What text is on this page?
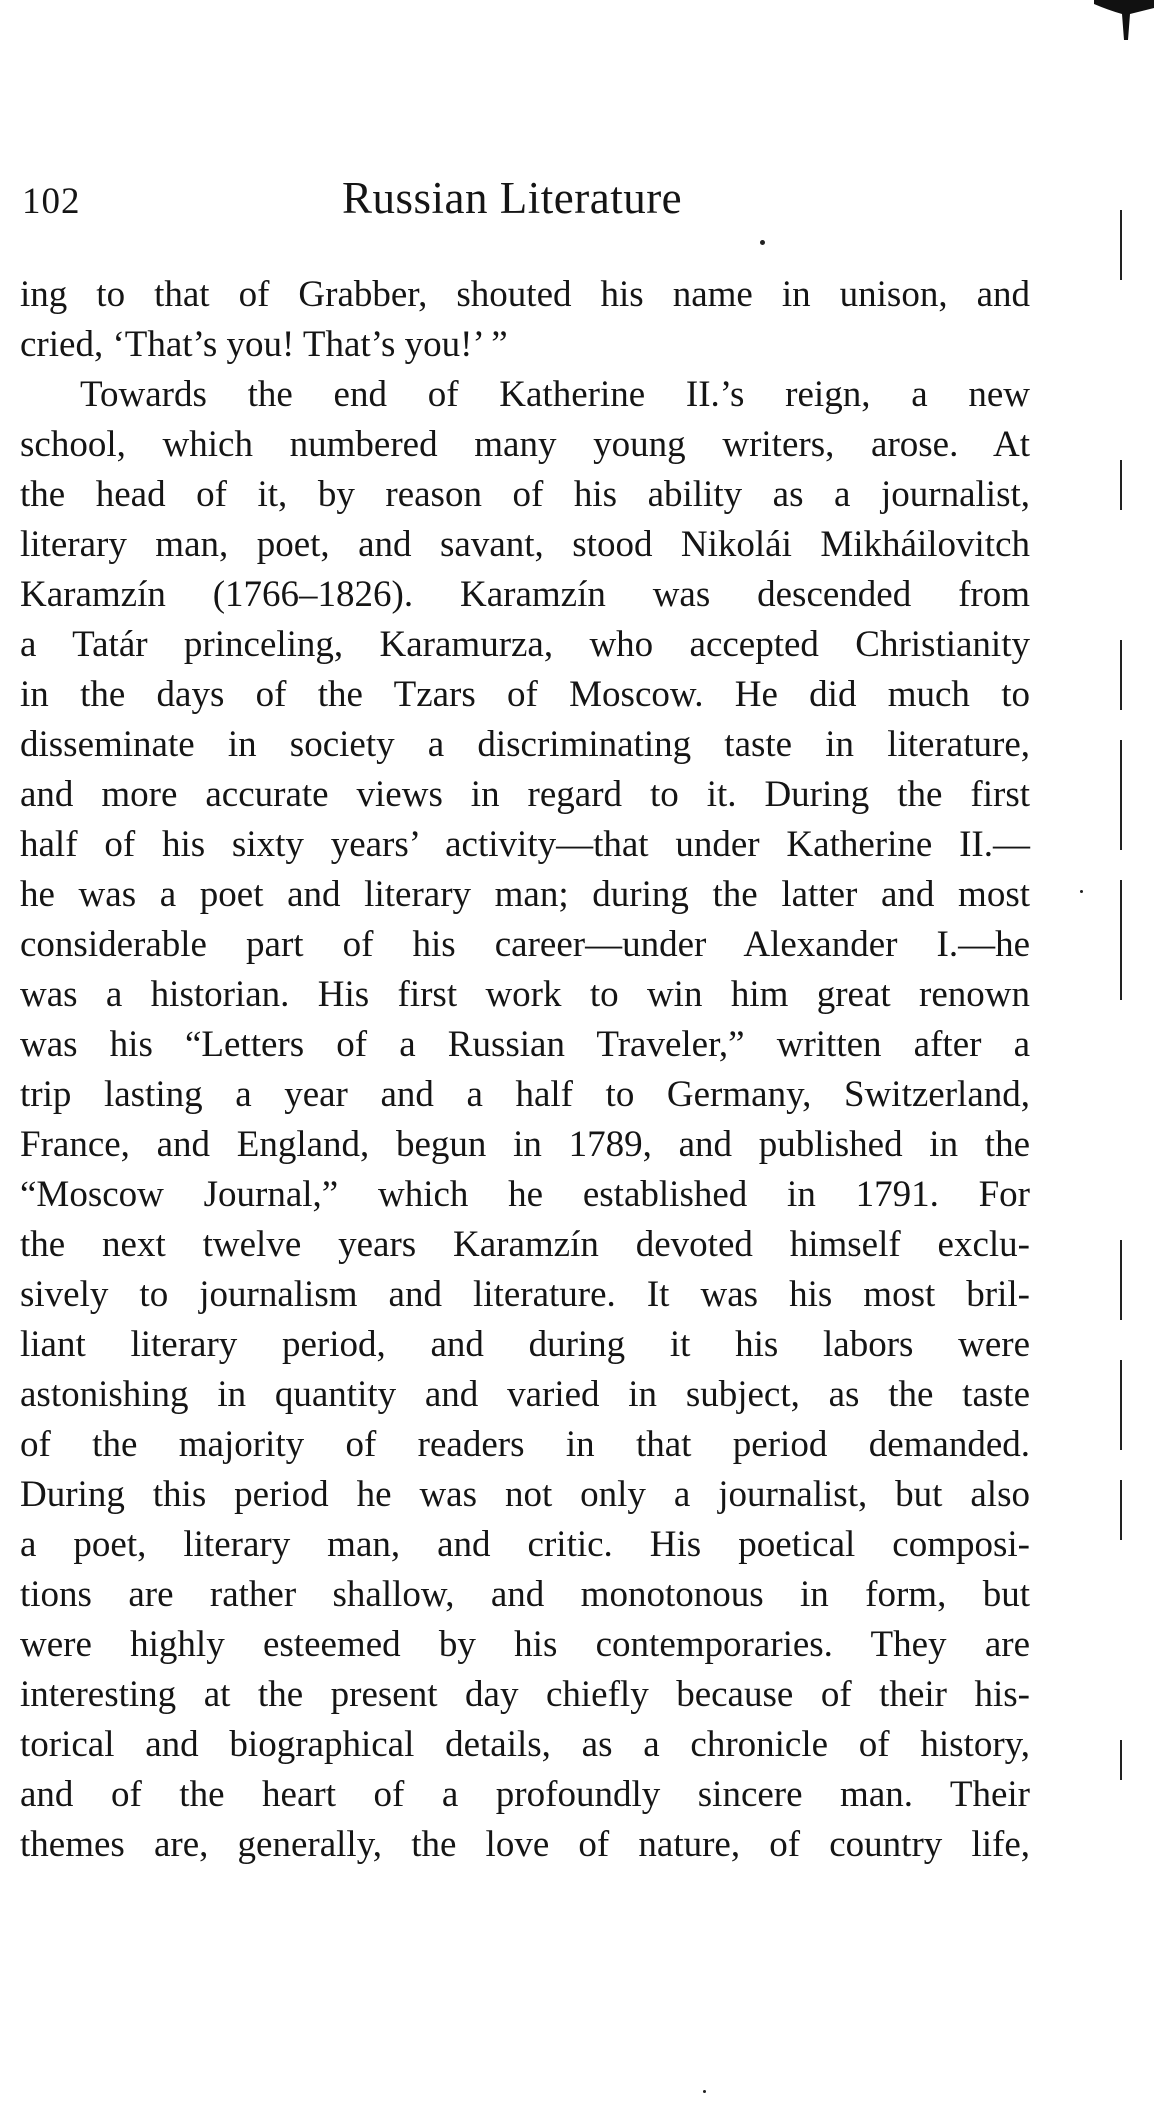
102	Russian Literature
ing to that of Grabber, shouted his name in unison, and
cried, ‘That’s you! That’s you!’ ”
Towards the end of Katherine II.’s reign, a new
school, which numbered many young writers, arose. At
the head of it, by reason of his ability as a journalist,
literary man, poet, and savant, stood Nikolái Mikháilovitch
Karamzín (1766–1826). Karamzín was descended from
a Tatár princeling, Karamurza, who accepted Christianity
in the days of the Tzars of Moscow. He did much to
disseminate in society a discriminating taste in literature,
and more accurate views in regard to it. During the first
half of his sixty years’ activity—that under Katherine II.—
he was a poet and literary man; during the latter and most
considerable part of his career—under Alexander I.—he
was a historian. His first work to win him great renown
was his “Letters of a Russian Traveler,” written after a
trip lasting a year and a half to Germany, Switzerland,
France, and England, begun in 1789, and published in the
“Moscow Journal,” which he established in 1791. For
the next twelve years Karamzín devoted himself exclu-
sively to journalism and literature. It was his most bril-
liant literary period, and during it his labors were
astonishing in quantity and varied in subject, as the taste
of the majority of readers in that period demanded.
During this period he was not only a journalist, but also
a poet, literary man, and critic. His poetical composi-
tions are rather shallow, and monotonous in form, but
were highly esteemed by his contemporaries. They are
interesting at the present day chiefly because of their his-
torical and biographical details, as a chronicle of history,
and of the heart of a profoundly sincere man. Their
themes are, generally, the love of nature, of country life,
